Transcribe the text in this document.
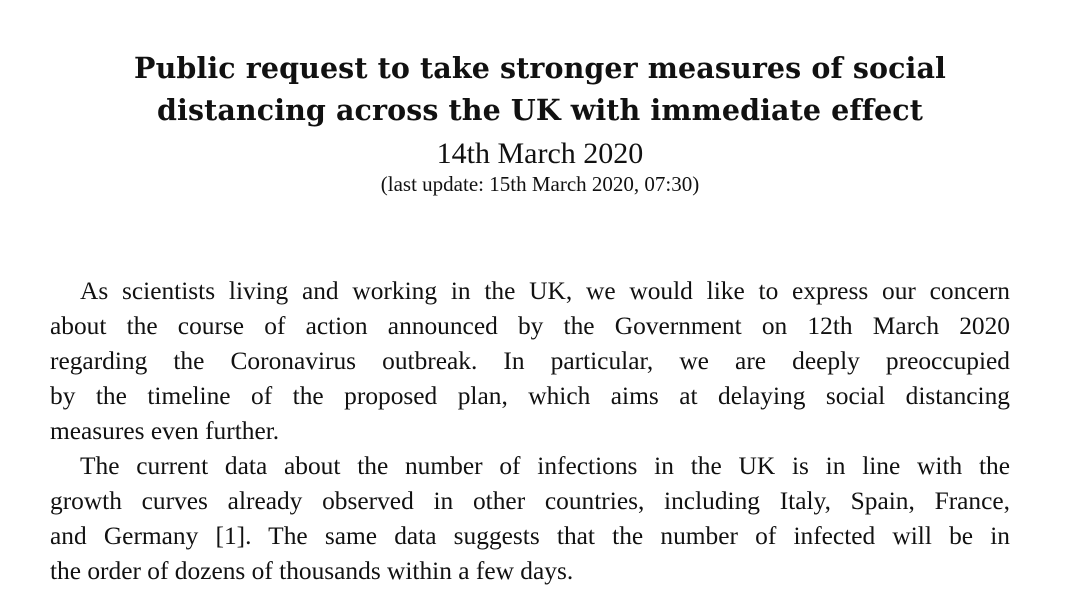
Public request to take stronger measures of social
distancing across the UK with immediate effect
14th March 2020
(last update: 15th March 2020, 07:30)
As scientists living and working in the UK, we would like to express our concern
about the course of action announced by the Government on 12th March 2020
regarding the Coronavirus outbreak. In particular, we are deeply preoccupied
by the timeline of the proposed plan, which aims at delaying social distancing
measures even further.
The current data about the number of infections in the UK is in line with the
growth curves already observed in other countries, including Italy, Spain, France,
and Germany [1]. The same data suggests that the number of infected will be in
the order of dozens of thousands within a few days.
